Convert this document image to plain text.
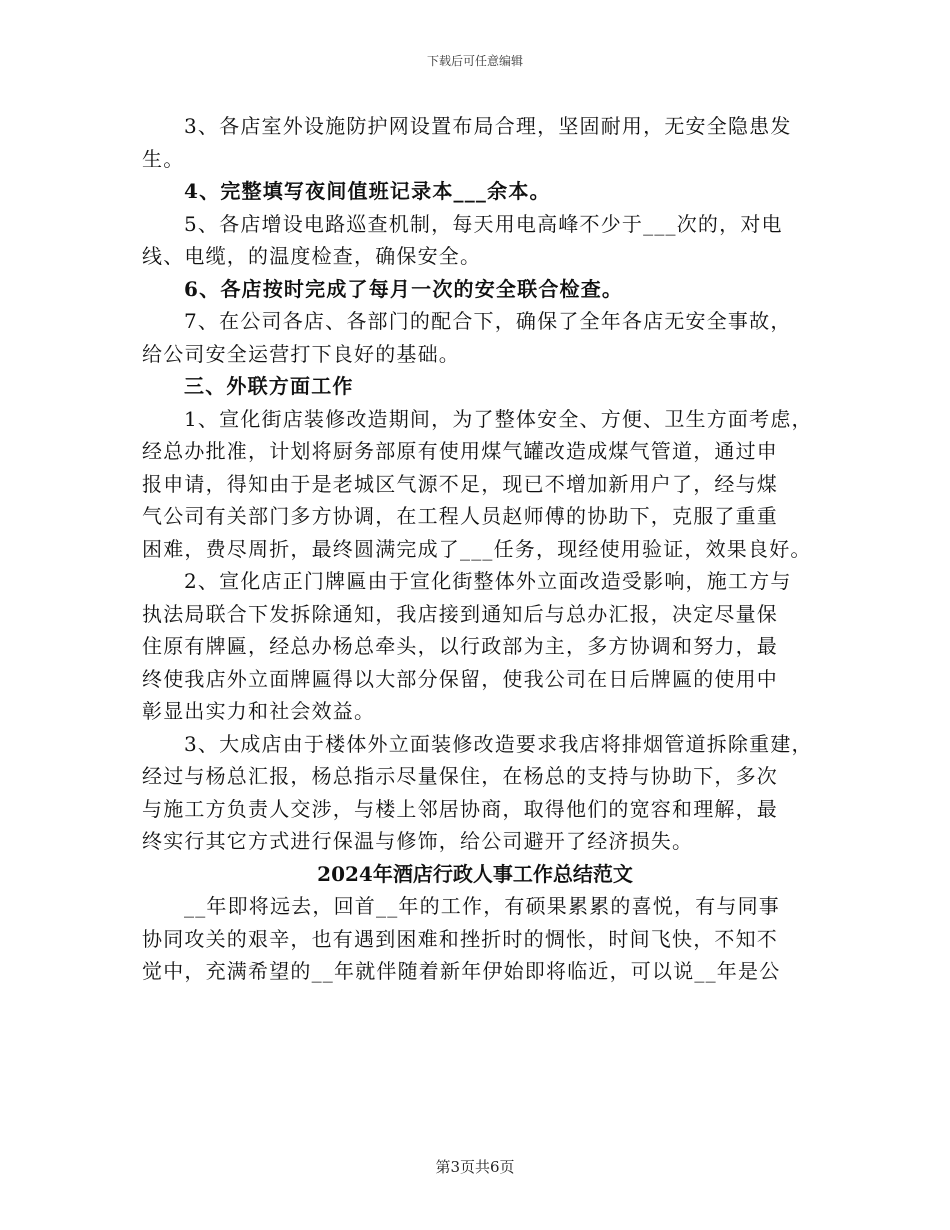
下载后可任意编辑

3、各店室外设施防护网设置布局合理，坚固耐用，无安全隐患发

生。

4、完整填写夜间值班记录本___余本。

5、各店增设电路巡查机制，每天用电高峰不少于___次的，对电

线、电缆，的温度检查，确保安全。

6、各店按时完成了每月一次的安全联合检查。

7、在公司各店、各部门的配合下，确保了全年各店无安全事故，

给公司安全运营打下良好的基础。

三、外联方面工作

1、宣化街店装修改造期间，为了整体安全、方便、卫生方面考虑，

经总办批准，计划将厨务部原有使用煤气罐改造成煤气管道，通过申

报申请，得知由于是老城区气源不足，现已不增加新用户了，经与煤

气公司有关部门多方协调，在工程人员赵师傅的协助下，克服了重重

困难，费尽周折，最终圆满完成了___任务，现经使用验证，效果良好。

2、宣化店正门牌匾由于宣化街整体外立面改造受影响，施工方与

执法局联合下发拆除通知，我店接到通知后与总办汇报，决定尽量保

住原有牌匾，经总办杨总牵头，以行政部为主，多方协调和努力，最

终使我店外立面牌匾得以大部分保留，使我公司在日后牌匾的使用中

彰显出实力和社会效益。

3、大成店由于楼体外立面装修改造要求我店将排烟管道拆除重建，

经过与杨总汇报，杨总指示尽量保住，在杨总的支持与协助下，多次

与施工方负责人交涉，与楼上邻居协商，取得他们的宽容和理解，最

终实行其它方式进行保温与修饰，给公司避开了经济损失。

2024年酒店行政人事工作总结范文

__年即将远去，回首__年的工作，有硕果累累的喜悦，有与同事

协同攻关的艰辛，也有遇到困难和挫折时的惆怅，时间飞快，不知不

觉中，充满希望的__年就伴随着新年伊始即将临近，可以说__年是公

第3页共6页
